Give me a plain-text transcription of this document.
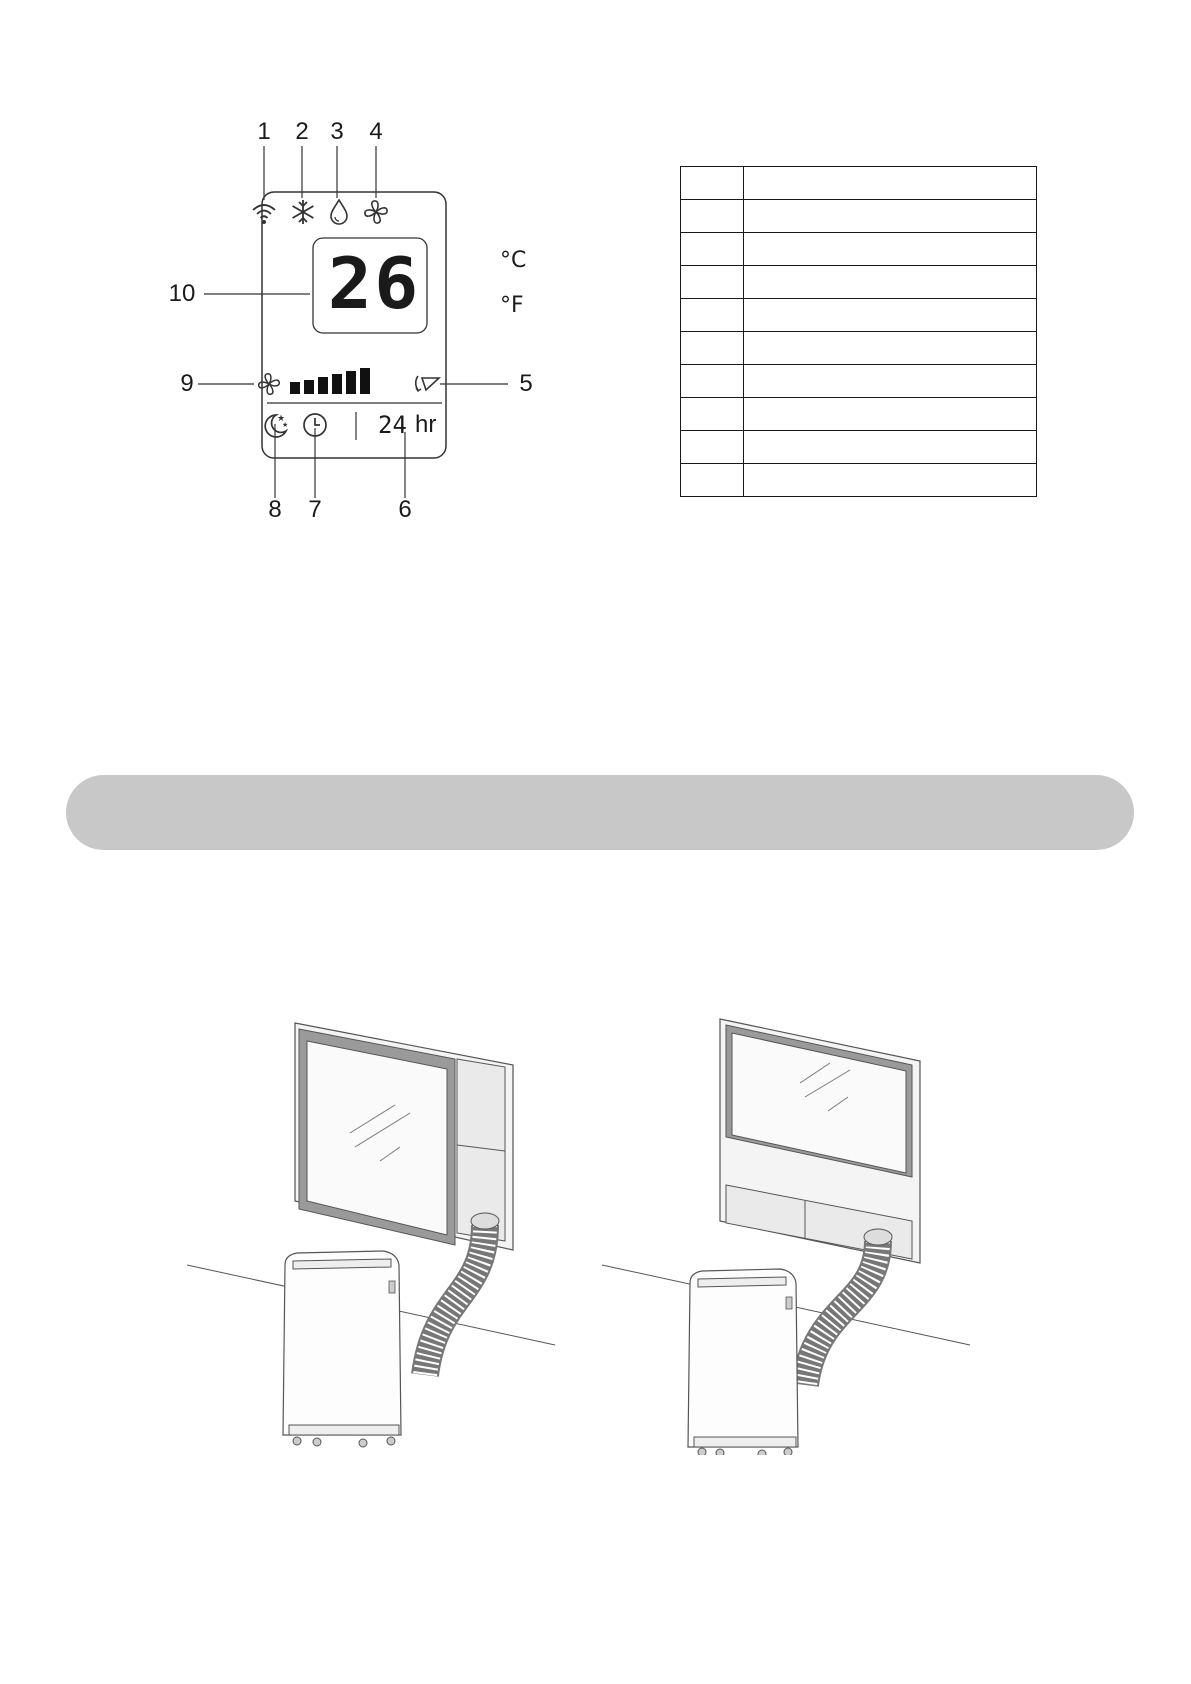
1	2 3	4
5
6
7
8
9
10 26	°C
°F
★
★	24 hr
